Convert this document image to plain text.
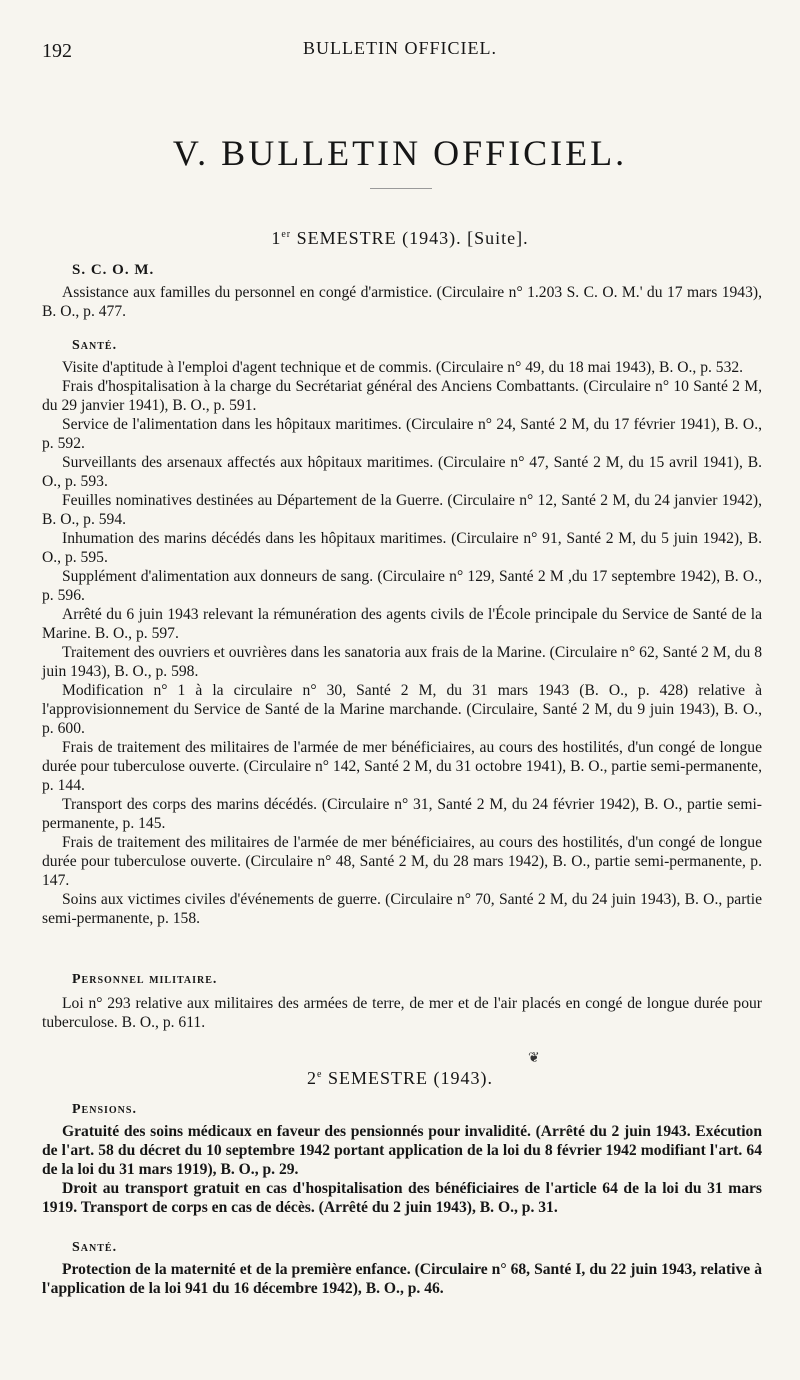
192	BULLETIN OFFICIEL.
V. BULLETIN OFFICIEL.
1er SEMESTRE (1943). [Suite].
S. C. O. M.

Assistance aux familles du personnel en congé d'armistice. (Circulaire n° 1.203 S. C. O. M.' du 17 mars 1943), B. O., p. 477.

Santé.

Visite d'aptitude à l'emploi d'agent technique et de commis. (Circulaire n° 49, du 18 mai 1943), B. O., p. 532.

Frais d'hospitalisation à la charge du Secrétariat général des Anciens Combattants. (Circulaire n° 10 Santé 2 M, du 29 janvier 1941), B. O., p. 591.

Service de l'alimentation dans les hôpitaux maritimes. (Circulaire n° 24, Santé 2 M, du 17 février 1941), B. O., p. 592.

Surveillants des arsenaux affectés aux hôpitaux maritimes. (Circulaire n° 47, Santé 2 M, du 15 avril 1941), B. O., p. 593.

Feuilles nominatives destinées au Département de la Guerre. (Circulaire n° 12, Santé 2 M, du 24 janvier 1942), B. O., p. 594.

Inhumation des marins décédés dans les hôpitaux maritimes. (Circulaire n° 91, Santé 2 M, du 5 juin 1942), B. O., p. 595.

Supplément d'alimentation aux donneurs de sang. (Circulaire n° 129, Santé 2 M ,du 17 septembre 1942), B. O., p. 596.

Arrêté du 6 juin 1943 relevant la rémunération des agents civils de l'École principale du Service de Santé de la Marine. B. O., p. 597.

Traitement des ouvriers et ouvrières dans les sanatoria aux frais de la Marine. (Circulaire n° 62, Santé 2 M, du 8 juin 1943), B. O., p. 598.

Modification n° 1 à la circulaire n° 30, Santé 2 M, du 31 mars 1943 (B. O., p. 428) relative à l'approvisionnement du Service de Santé de la Marine marchande. (Circulaire, Santé 2 M, du 9 juin 1943), B. O., p. 600.

Frais de traitement des militaires de l'armée de mer bénéficiaires, au cours des hostilités, d'un congé de longue durée pour tuberculose ouverte. (Circulaire n° 142, Santé 2 M, du 31 octobre 1941), B. O., partie semi-permanente, p. 144.

Transport des corps des marins décédés. (Circulaire n° 31, Santé 2 M, du 24 février 1942), B. O., partie semi-permanente, p. 145.

Frais de traitement des militaires de l'armée de mer bénéficiaires, au cours des hostilités, d'un congé de longue durée pour tuberculose ouverte. (Circulaire n° 48, Santé 2 M, du 28 mars 1942), B. O., partie semi-permanente, p. 147.

Soins aux victimes civiles d'événements de guerre. (Circulaire n° 70, Santé 2 M, du 24 juin 1943), B. O., partie semi-permanente, p. 158.

Personnel militaire.

Loi n° 293 relative aux militaires des armées de terre, de mer et de l'air placés en congé de longue durée pour tuberculose. B. O., p. 611.

2e SEMESTRE (1943).
Pensions.

Gratuité des soins médicaux en faveur des pensionnés pour invalidité. (Arrêté du 2 juin 1943. Exécution de l'art. 58 du décret du 10 septembre 1942 portant application de la loi du 8 février 1942 modifiant l'art. 64 de la loi du 31 mars 1919), B. O., p. 29.

Droit au transport gratuit en cas d'hospitalisation des bénéficiaires de l'article 64 de la loi du 31 mars 1919. Transport de corps en cas de décès. (Arrêté du 2 juin 1943), B. O., p. 31.

Santé.

Protection de la maternité et de la première enfance. (Circulaire n° 68, Santé I, du 22 juin 1943, relative à l'application de la loi 941 du 16 décembre 1942), B. O., p. 46.

❦
